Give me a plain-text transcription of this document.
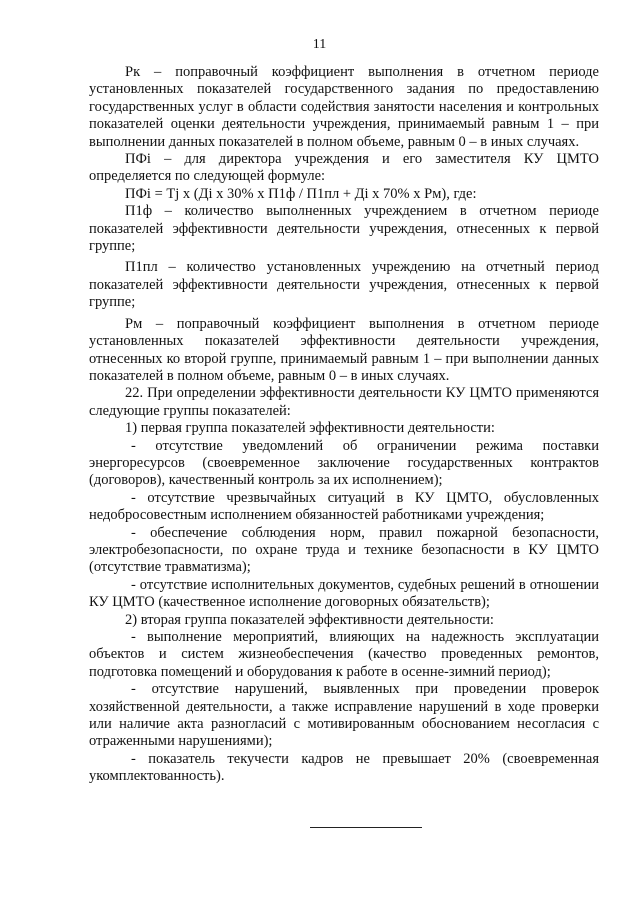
11

Рк – поправочный коэффициент выполнения в отчетном периоде установленных показателей государственного задания по предоставлению государственных услуг в области содействия занятости населения и контрольных показателей оценки деятельности учреждения, принимаемый равным 1 – при выполнении данных показателей в полном объеме, равным 0 – в иных случаях.

ПФi – для директора учреждения и его заместителя КУ ЦМТО определяется по следующей формуле:

ПФi = Тj х (Дi х 30% х П1ф / П1пл + Дi х 70% х Рм), где:

П1ф – количество выполненных учреждением в отчетном периоде показателей эффективности деятельности учреждения, отнесенных к первой группе;

П1пл – количество установленных учреждению на отчетный период показателей эффективности деятельности учреждения, отнесенных к первой группе;

Рм – поправочный коэффициент выполнения в отчетном периоде установленных показателей эффективности деятельности учреждения, отнесенных ко второй группе, принимаемый равным 1 – при выполнении данных показателей в полном объеме, равным 0 – в иных случаях.

22. При определении эффективности деятельности КУ ЦМТО применяются следующие группы показателей:

1) первая группа показателей эффективности деятельности:

- отсутствие уведомлений об ограничении режима поставки энергоресурсов (своевременное заключение государственных контрактов (договоров), качественный контроль за их исполнением);

- отсутствие чрезвычайных ситуаций в КУ ЦМТО, обусловленных недобросовестным исполнением обязанностей работниками учреждения;

- обеспечение соблюдения норм, правил пожарной безопасности, электробезопасности, по охране труда и технике безопасности в КУ ЦМТО (отсутствие травматизма);

- отсутствие исполнительных документов, судебных решений в отношении КУ ЦМТО (качественное исполнение договорных обязательств);

2) вторая группа показателей эффективности деятельности:

- выполнение мероприятий, влияющих на надежность эксплуатации объектов и систем жизнеобеспечения (качество проведенных ремонтов, подготовка помещений и оборудования к работе в осенне-зимний период);

- отсутствие нарушений, выявленных при проведении проверок хозяйственной деятельности, а также исправление нарушений в ходе проверки или наличие акта разногласий с мотивированным обоснованием несогласия с отраженными нарушениями);

- показатель текучести кадров не превышает 20% (своевременная укомплектованность).
